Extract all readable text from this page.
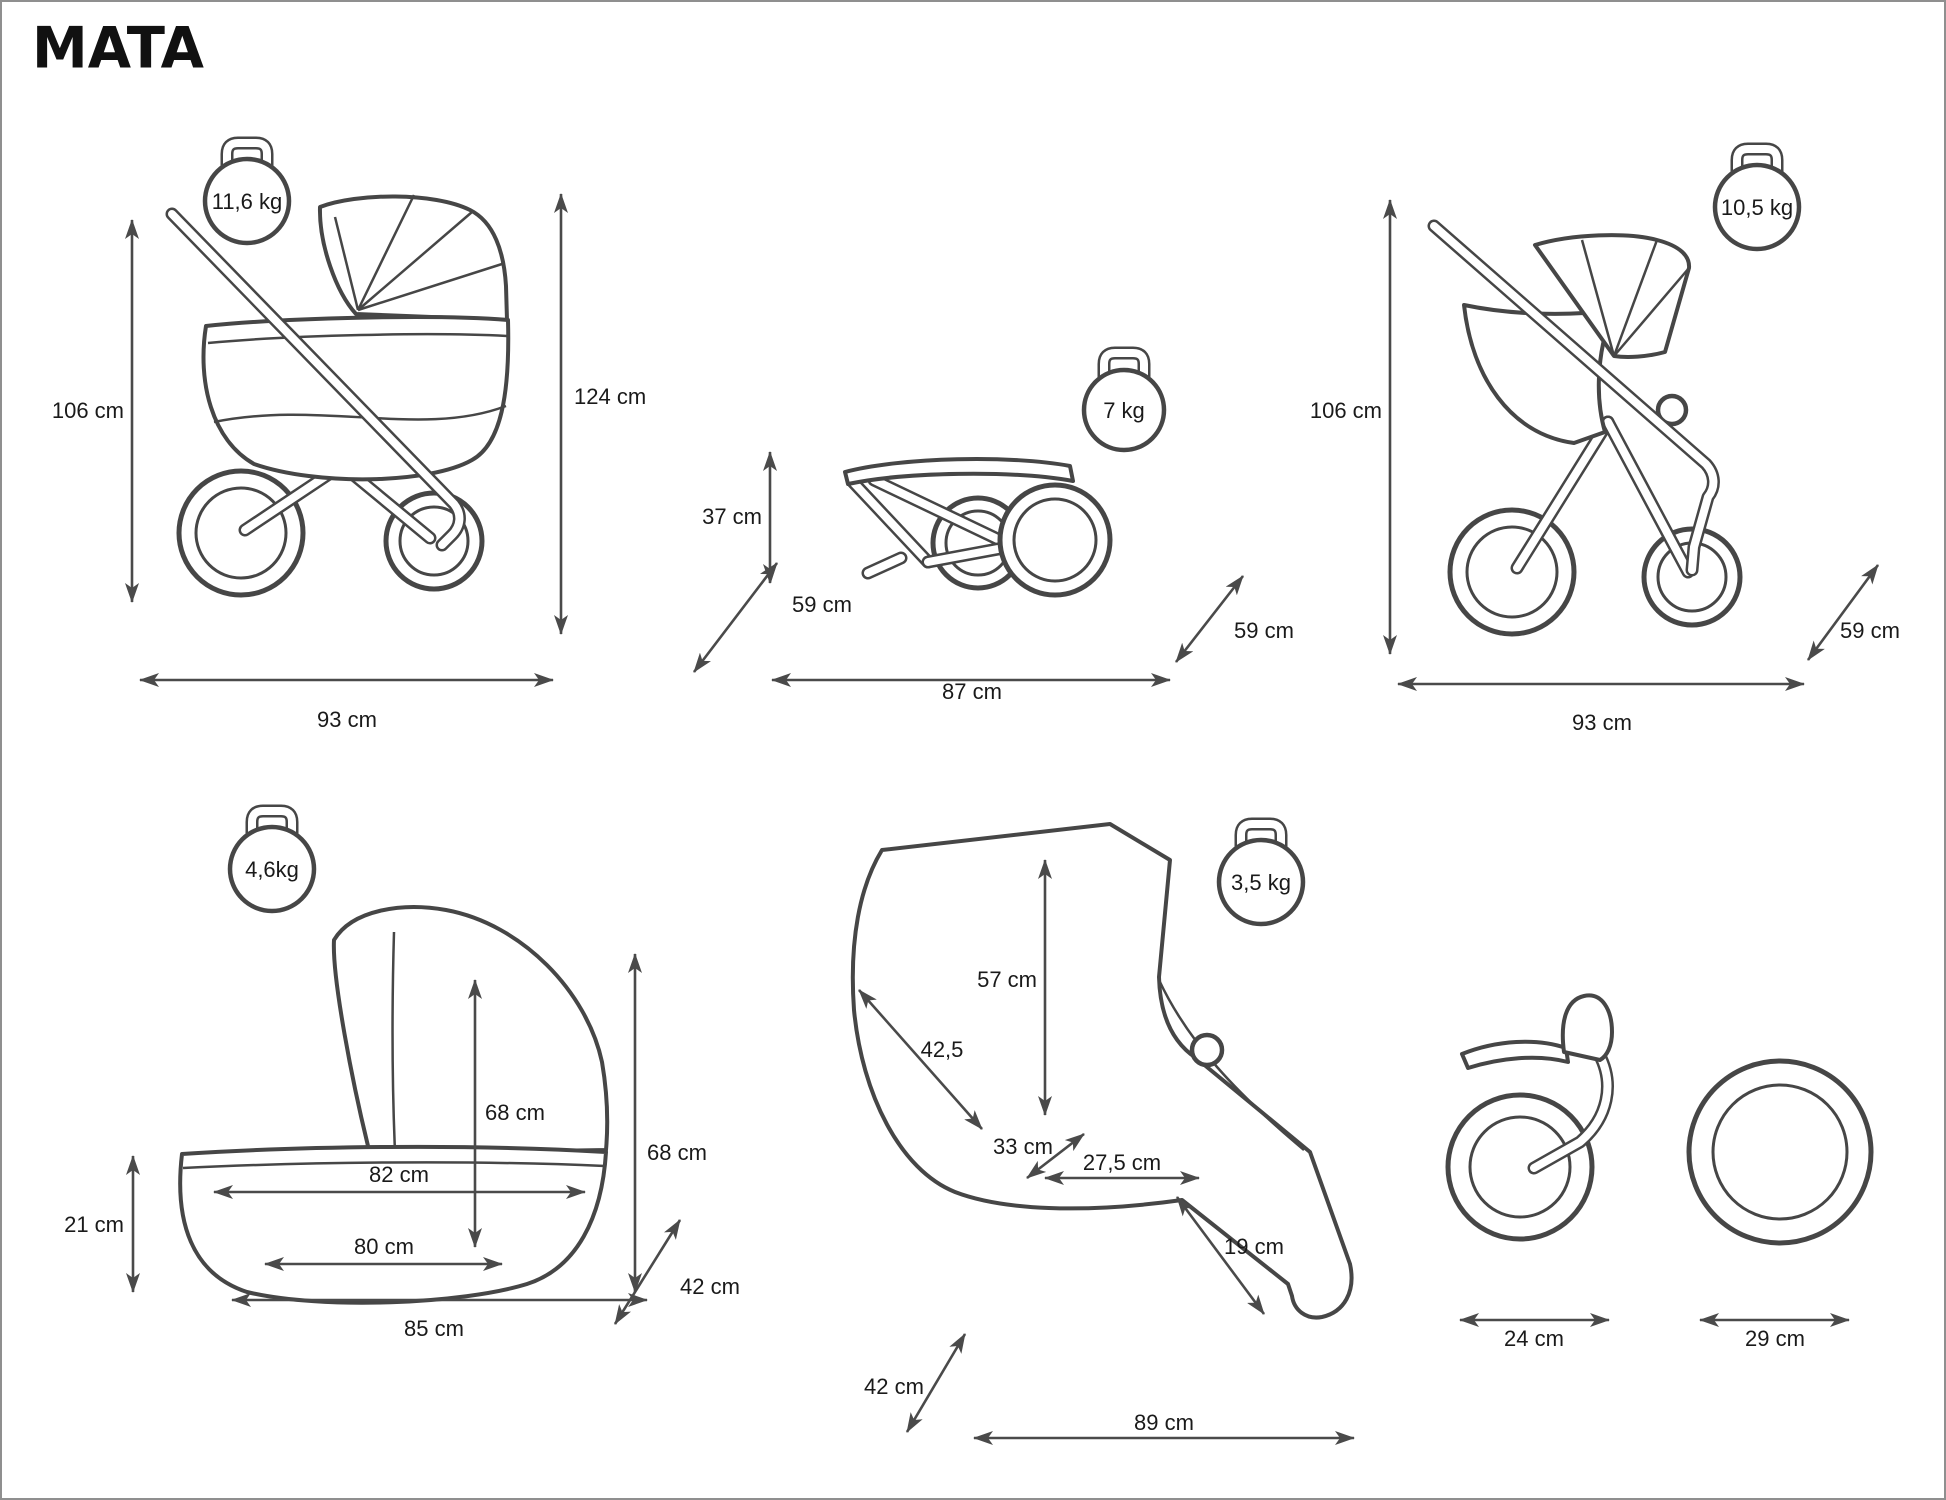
MATA
11,6 kg
106 cm
124 cm
93 cm
59 cm
7 kg
37 cm
87 cm
59 cm
10,5 kg
106 cm
93 cm
59 cm
4,6kg
21 cm
68 cm
82 cm
80 cm
68 cm
42 cm
85 cm
3,5 kg
57 cm
42,5
33 cm
27,5 cm
19 cm
42 cm
89 cm
24 cm	29 cm
